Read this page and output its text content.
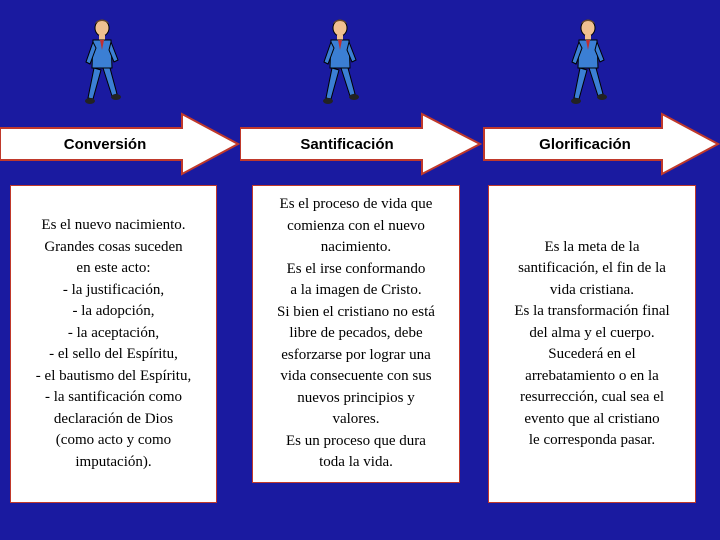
Conversión	Santificación	Glorificación
Es el nuevo nacimiento.
Grandes cosas suceden
en este acto:
- la justificación,
- la adopción,
- la aceptación,
- el sello del Espíritu,
- el bautismo del Espíritu,
- la santificación como
declaración de Dios
(como acto y como
imputación).
Es el proceso de vida que
comienza con el nuevo
nacimiento.
Es el irse conformando
a la imagen de Cristo.
Si bien el cristiano no está
libre de pecados, debe
esforzarse por lograr una
vida consecuente con sus
nuevos principios y
valores.
Es un proceso que dura
toda la vida.
Es la meta de la
santificación, el fin de la
vida cristiana.
Es la transformación final
del alma y el cuerpo.
Sucederá en el
arrebatamiento o en la
resurrección, cual sea el
evento que al cristiano
le corresponda pasar.
